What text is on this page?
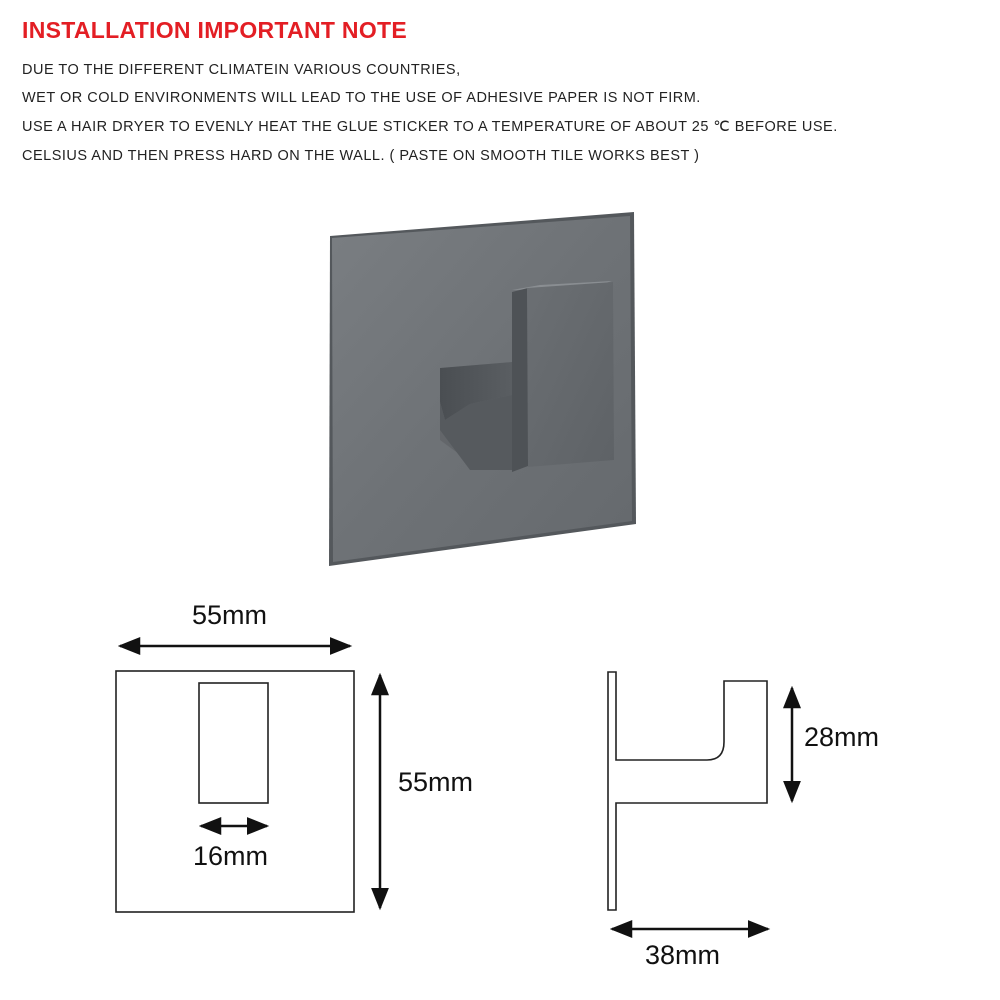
INSTALLATION IMPORTANT NOTE
DUE TO THE DIFFERENT CLIMATEIN VARIOUS COUNTRIES,
WET OR COLD ENVIRONMENTS WILL LEAD TO THE USE OF ADHESIVE PAPER IS NOT FIRM.
USE A HAIR DRYER TO EVENLY HEAT THE GLUE STICKER TO A TEMPERATURE OF ABOUT 25 ℃ BEFORE USE.
CELSIUS AND THEN PRESS HARD ON THE WALL. ( PASTE ON SMOOTH TILE WORKS BEST )
55mm
55mm
16mm
28mm
38mm
